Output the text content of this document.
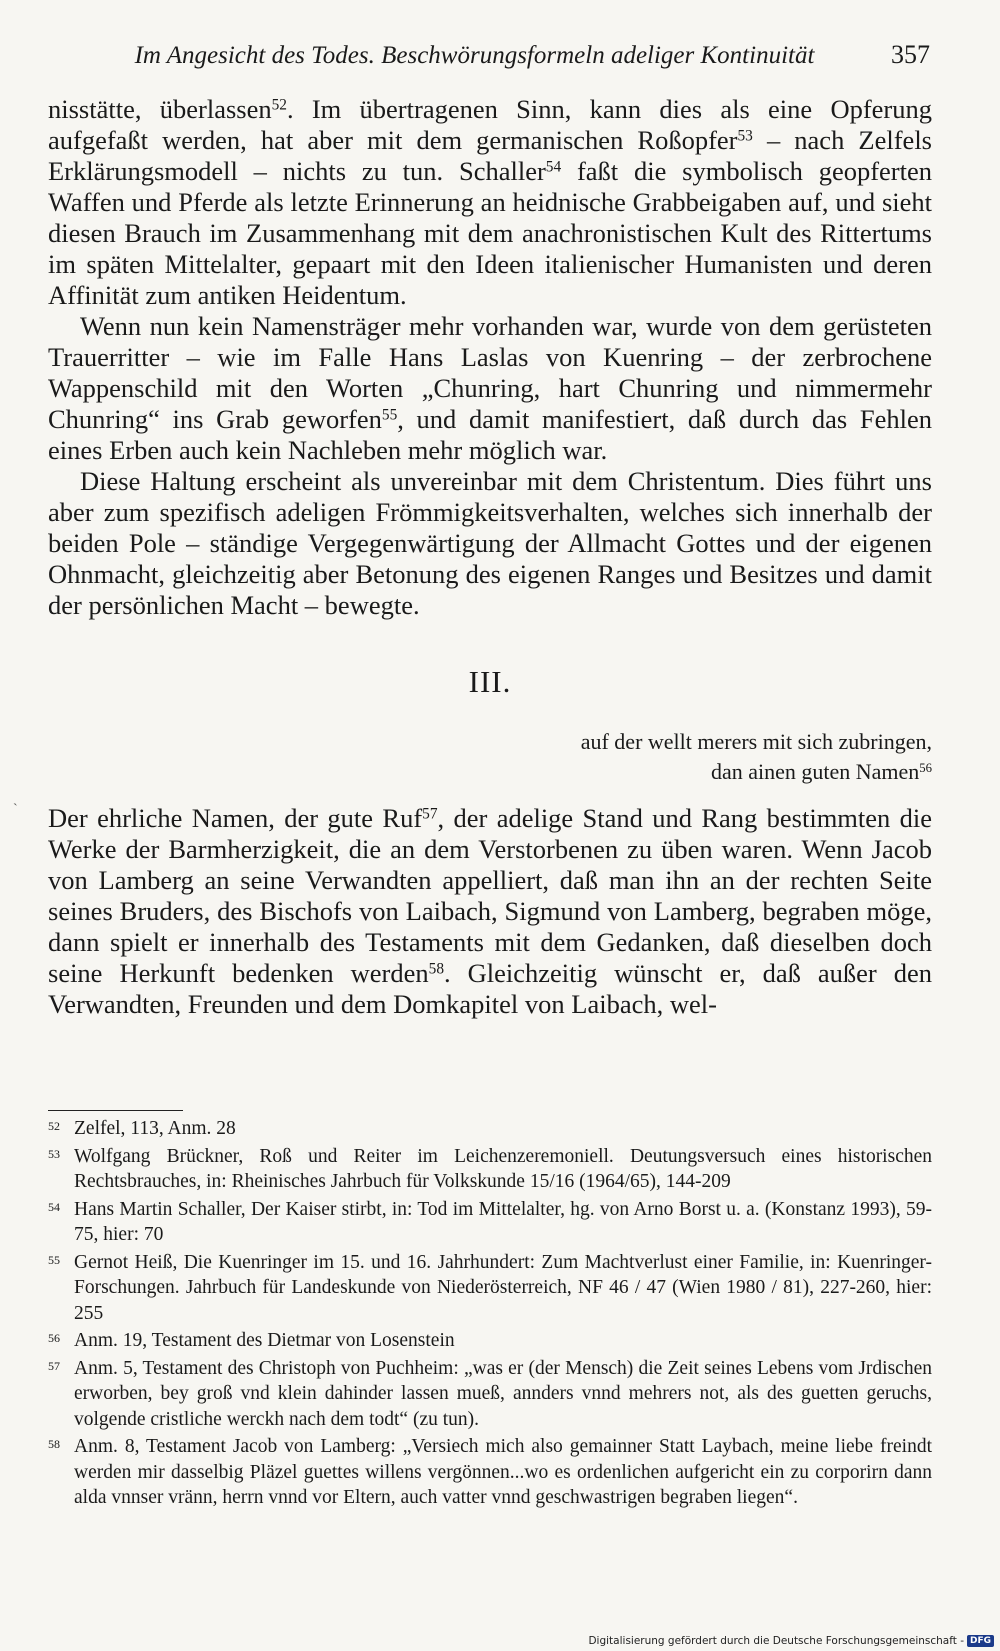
Im Angesicht des Todes. Beschwörungsformeln adeliger Kontinuität	357
`

nisstätte, überlassen$^{52}$. Im übertragenen Sinn, kann dies als eine Opferung aufgefaßt werden, hat aber mit dem germanischen Roßopfer$^{53}$ – nach Zelfels Erklärungsmodell – nichts zu tun. Schaller$^{54}$ faßt die symbolisch geopferten Waffen und Pferde als letzte Erinnerung an heidnische Grabbeigaben auf, und sieht diesen Brauch im Zusammenhang mit dem anachronistischen Kult des Rittertums im späten Mittelalter, gepaart mit den Ideen italienischer Humanisten und deren Affinität zum antiken Heidentum.

Wenn nun kein Namensträger mehr vorhanden war, wurde von dem gerüsteten Trauerritter – wie im Falle Hans Laslas von Kuenring – der zerbrochene Wappenschild mit den Worten „Chunring, hart Chunring und nimmermehr Chunring“ ins Grab geworfen$^{55}$, und damit manifestiert, daß durch das Fehlen eines Erben auch kein Nachleben mehr möglich war.

Diese Haltung erscheint als unvereinbar mit dem Christentum. Dies führt uns aber zum spezifisch adeligen Frömmigkeitsverhalten, welches sich innerhalb der beiden Pole – ständige Vergegenwärtigung der Allmacht Gottes und der eigenen Ohnmacht, gleichzeitig aber Betonung des eigenen Ranges und Besitzes und damit der persönlichen Macht – bewegte.

III.
auf der wellt merers mit sich zubringen,
dan ainen guten Namen$^{56}$

Der ehrliche Namen, der gute Ruf$^{57}$, der adelige Stand und Rang bestimmten die Werke der Barmherzigkeit, die an dem Verstorbenen zu üben waren. Wenn Jacob von Lamberg an seine Verwandten appelliert, daß man ihn an der rechten Seite seines Bruders, des Bischofs von Laibach, Sigmund von Lamberg, begraben möge, dann spielt er innerhalb des Testaments mit dem Gedanken, daß dieselben doch seine Herkunft bedenken werden$^{58}$. Gleichzeitig wünscht er, daß außer den Verwandten, Freunden und dem Domkapitel von Laibach, wel-

52 Zelfel, 113, Anm. 28
53 Wolfgang Brückner, Roß und Reiter im Leichenzeremoniell. Deutungsversuch eines historischen Rechtsbrauches, in: Rheinisches Jahrbuch für Volkskunde 15/16 (1964/65), 144-209
54 Hans Martin Schaller, Der Kaiser stirbt, in: Tod im Mittelalter, hg. von Arno Borst u. a. (Konstanz 1993), 59-75, hier: 70
55 Gernot Heiß, Die Kuenringer im 15. und 16. Jahrhundert: Zum Machtverlust einer Familie, in: Kuenringer-Forschungen. Jahrbuch für Landeskunde von Niederösterreich, NF 46 / 47 (Wien 1980 / 81), 227-260, hier: 255
56 Anm. 19, Testament des Dietmar von Losenstein
57 Anm. 5, Testament des Christoph von Puchheim: „was er (der Mensch) die Zeit seines Lebens vom Jrdischen erworben, bey groß vnd klein dahinder lassen mueß, annders vnnd mehrers not, als des guetten geruchs, volgende cristliche werckh nach dem todt“ (zu tun).
58 Anm. 8, Testament Jacob von Lamberg: „Versiech mich also gemainner Statt Laybach, meine liebe freindt werden mir dasselbig Pläzel guettes willens vergönnen...wo es ordenlichen aufgericht ein zu corporirn dann alda vnnser vränn, herrn vnnd vor Eltern, auch vatter vnnd geschwastrigen begraben liegen“.
Digitalisierung gefördert durch die Deutsche Forschungsgemeinschaft - DFG
